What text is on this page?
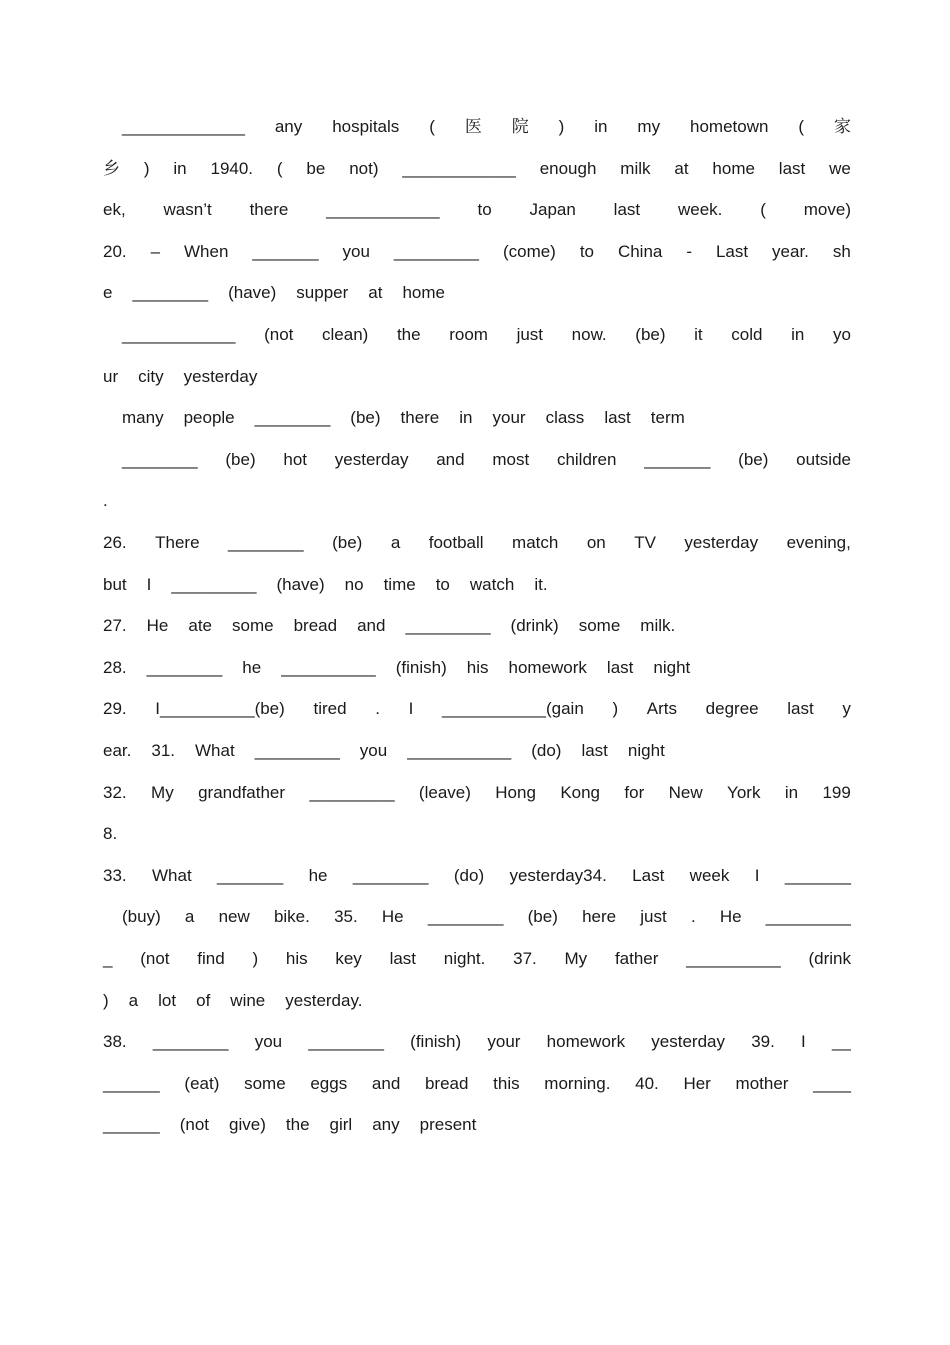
_____________ any hospitals ( 医 院 ) in my hometown ( 家
乡 ) in 1940. ( be not) ____________ enough milk at home last we
ek, wasn’t there ____________ to Japan last week. ( move)
20. – When _______ you _________ (come) to China - Last year. sh
e ________ (have) supper at home
____________ (not clean) the room just now. (be) it cold in yo
ur city yesterday
many people ________ (be) there in your class last term
________ (be) hot yesterday and most children _______ (be) outside
.
26. There ________ (be) a football match on TV yesterday evening,
but I _________ (have) no time to watch it.
27. He ate some bread and _________ (drink) some milk.
28. ________ he __________ (finish) his homework last night
29. I__________(be) tired . I ___________(gain ) Arts degree last y
ear. 31. What _________ you ___________ (do) last night
32. My grandfather _________ (leave) Hong Kong for New York in 199
8.
33. What _______ he ________ (do) yesterday34. Last week I _______
(buy) a new bike. 35. He ________ (be) here just . He _________
_ (not find ) his key last night. 37. My father __________ (drink
) a lot of wine yesterday.
38. ________ you ________ (finish) your homework yesterday 39. I __
______ (eat) some eggs and bread this morning. 40. Her mother ____
______ (not give) the girl any present
